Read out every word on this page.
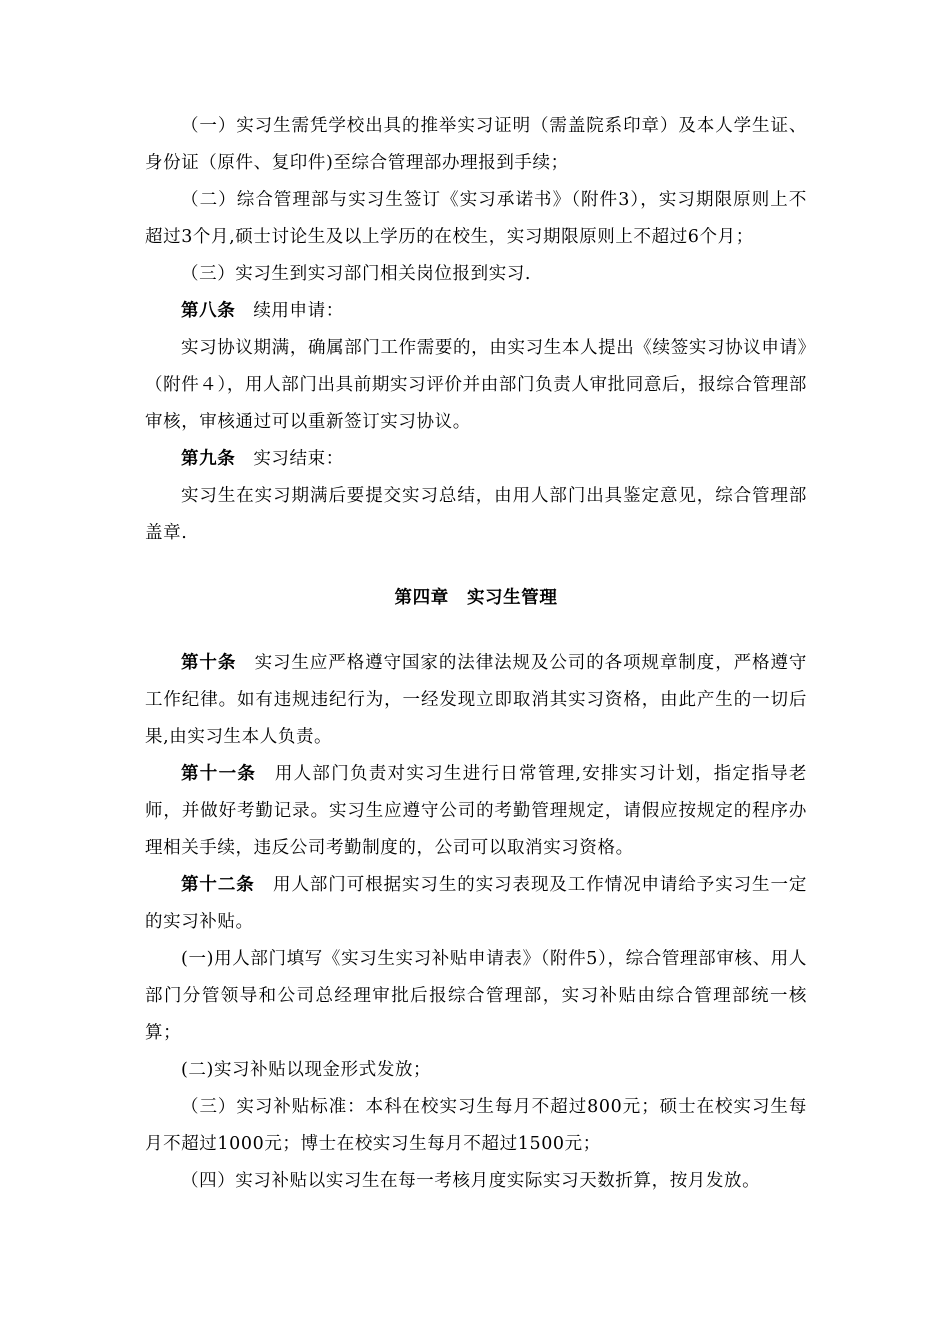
（一）实习生需凭学校出具的推举实习证明（需盖院系印章）及本人学生证、身份证（原件、复印件)至综合管理部办理报到手续；

（二）综合管理部与实习生签订《实习承诺书》（附件3），实习期限原则上不超过3个月,硕士讨论生及以上学历的在校生，实习期限原则上不超过6个月；

（三）实习生到实习部门相关岗位报到实习.

第八条 续用申请：

实习协议期满，确属部门工作需要的，由实习生本人提出《续签实习协议申请》（附件４），用人部门出具前期实习评价并由部门负责人审批同意后，报综合管理部审核，审核通过可以重新签订实习协议。

第九条 实习结束：

实习生在实习期满后要提交实习总结，由用人部门出具鉴定意见，综合管理部盖章.

第四章　实习生管理

第十条 实习生应严格遵守国家的法律法规及公司的各项规章制度，严格遵守工作纪律。如有违规违纪行为，一经发现立即取消其实习资格，由此产生的一切后果,由实习生本人负责。

第十一条 用人部门负责对实习生进行日常管理,安排实习计划，指定指导老师，并做好考勤记录。实习生应遵守公司的考勤管理规定，请假应按规定的程序办理相关手续，违反公司考勤制度的，公司可以取消实习资格。

第十二条 用人部门可根据实习生的实习表现及工作情况申请给予实习生一定的实习补贴。

(一)用人部门填写《实习生实习补贴申请表》（附件5），综合管理部审核、用人部门分管领导和公司总经理审批后报综合管理部，实习补贴由综合管理部统一核算；

(二)实习补贴以现金形式发放；

（三）实习补贴标准：本科在校实习生每月不超过800元；硕士在校实习生每月不超过1000元；博士在校实习生每月不超过1500元；

（四）实习补贴以实习生在每一考核月度实际实习天数折算，按月发放。
